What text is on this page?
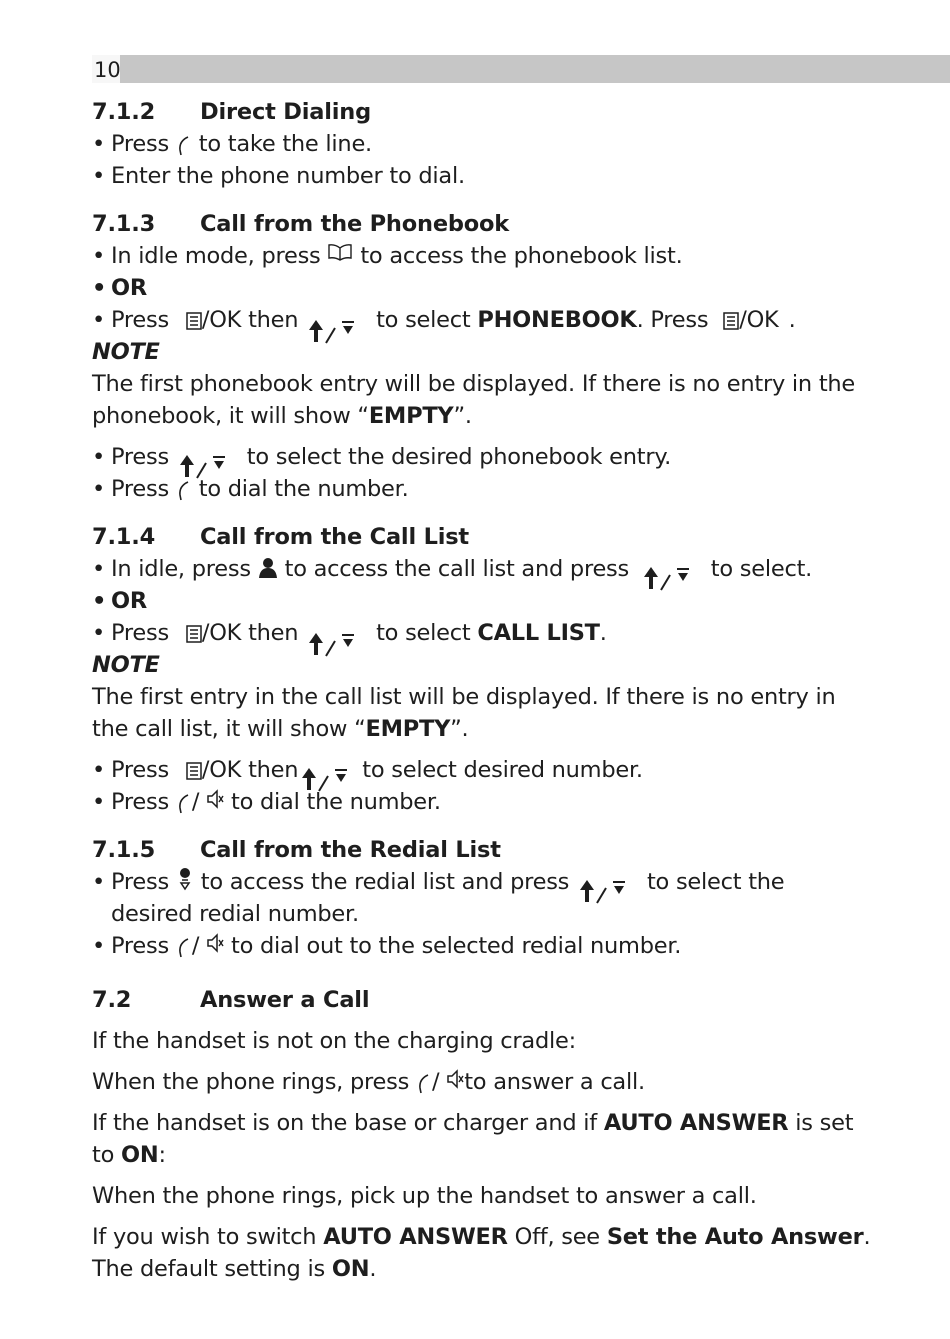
10
7.1.2	Direct Dialing
• Press to take the line.
• Enter the phone number to dial.
7.1.3	Call from the Phonebook
• In idle mode, press to access the phonebook list.
• OR
• Press /OK then	to select PHONEBOOK. Press /OK .
NOTE

The first phonebook entry will be displayed. If there is no entry in the phonebook, it will show “EMPTY”.

• Press	to select the desired phonebook entry.
• Press to dial the number.
7.1.4	Call from the Call List
• In idle, press to access the call list and press	to select.
• OR
• Press /OK then	to select CALL LIST.
NOTE

The first entry in the call list will be displayed. If there is no entry in the call list, it will show “EMPTY”.

• Press /OK then	to select desired number.
• Press / to dial the number.
7.1.5	Call from the Redial List
• Press to access the redial list and press	to select the desired redial number.
• Press / to dial out to the selected redial number.
7.2	Answer a Call

If the handset is not on the charging cradle:

When the phone rings, press / to answer a call.

If the handset is on the base or charger and if AUTO ANSWER is set to ON:

When the phone rings, pick up the handset to answer a call.

If you wish to switch AUTO ANSWER Off, see Set the Auto Answer. The default setting is ON.
